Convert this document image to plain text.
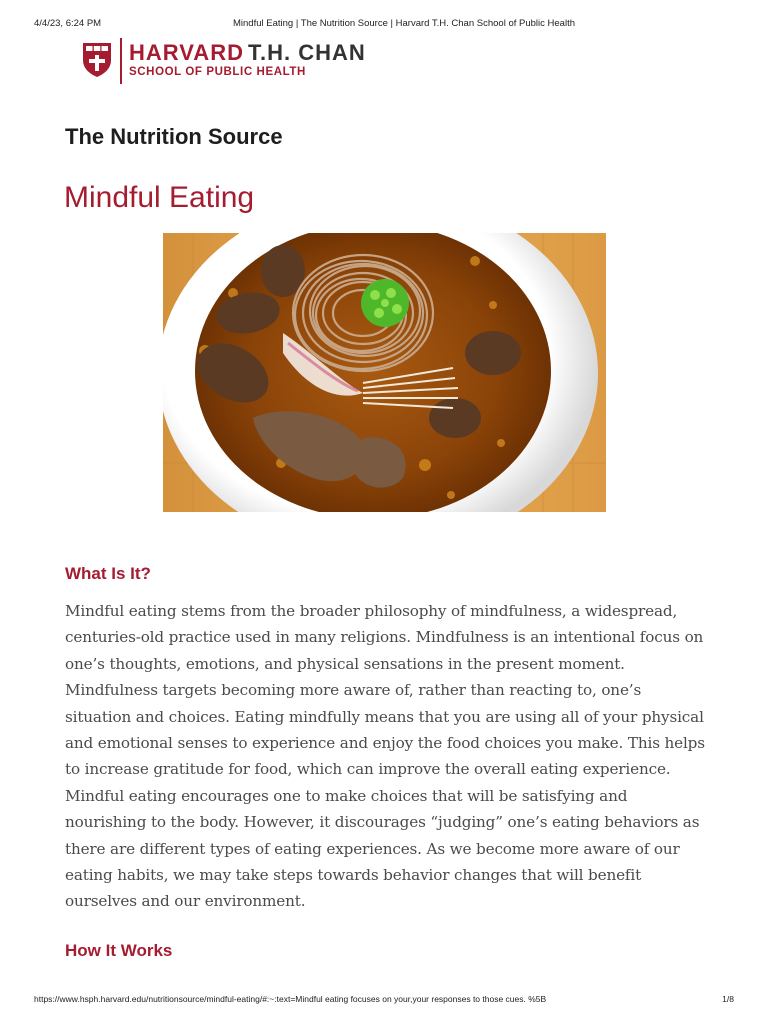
4/4/23, 6:24 PM	Mindful Eating | The Nutrition Source | Harvard T.H. Chan School of Public Health
HARVARD T.H. CHAN
SCHOOL OF PUBLIC HEALTH
The Nutrition Source
Mindful Eating
What Is It?

Mindful eating stems from the broader philosophy of mindfulness, a widespread, centuries-old practice used in many religions. Mindfulness is an intentional focus on one’s thoughts, emotions, and physical sensations in the present moment. Mindfulness targets becoming more aware of, rather than reacting to, one’s situation and choices. Eating mindfully means that you are using all of your physical and emotional senses to experience and enjoy the food choices you make. This helps to increase gratitude for food, which can improve the overall eating experience. Mindful eating encourages one to make choices that will be satisfying and nourishing to the body. However, it discourages “judging” one’s eating behaviors as there are different types of eating experiences. As we become more aware of our eating habits, we may take steps towards behavior changes that will benefit ourselves and our environment.

How It Works
https://www.hsph.harvard.edu/nutritionsource/mindful-eating/#:~:text=Mindful eating focuses on your,your responses to those cues. %5B	1/8
